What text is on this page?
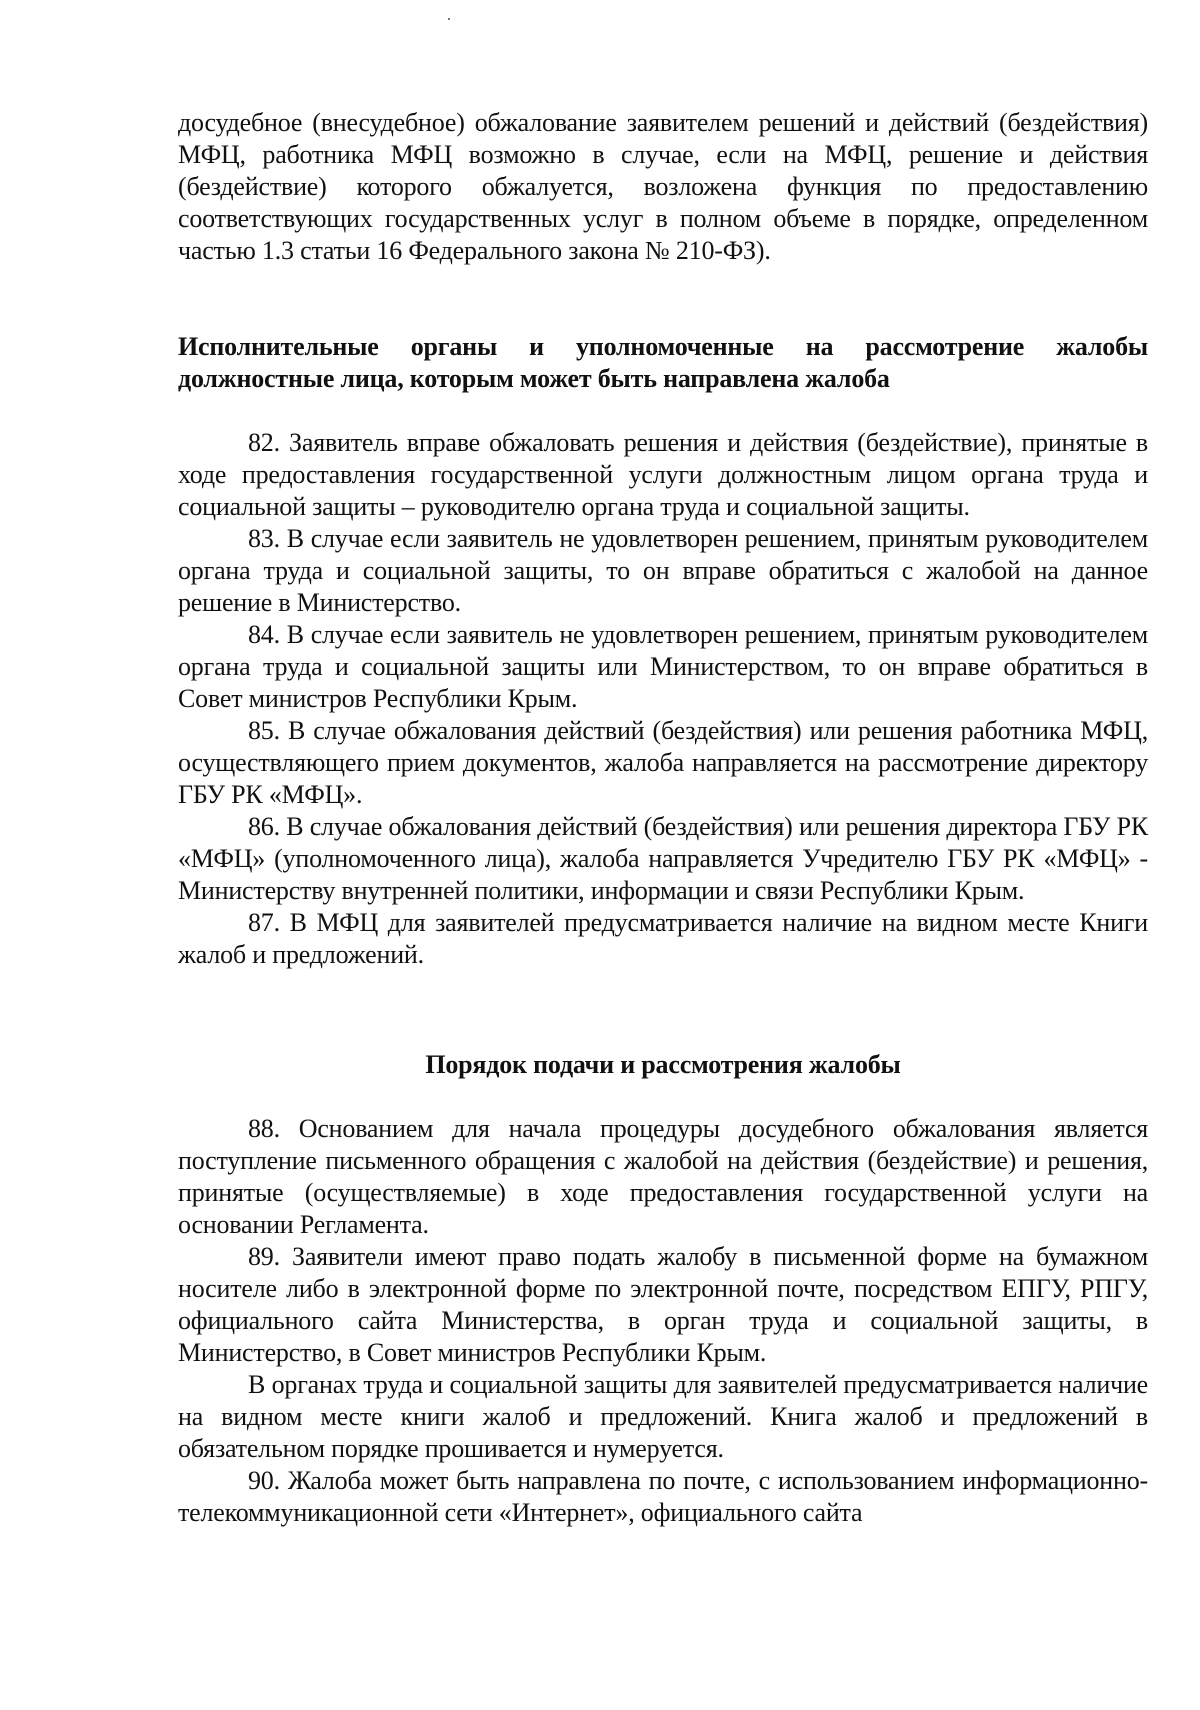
досудебное (внесудебное) обжалование заявителем решений и действий (бездействия) МФЦ, работника МФЦ возможно в случае, если на МФЦ, решение и действия (бездействие) которого обжалуется, возложена функция по предоставлению соответствующих государственных услуг в полном объеме в порядке, определенном частью 1.3 статьи 16 Федерального закона № 210-ФЗ).

Исполнительные органы и уполномоченные на рассмотрение жалобы должностные лица, которым может быть направлена жалоба

82. Заявитель вправе обжаловать решения и действия (бездействие), принятые в ходе предоставления государственной услуги должностным лицом органа труда и социальной защиты – руководителю органа труда и социальной защиты.

83. В случае если заявитель не удовлетворен решением, принятым руководителем органа труда и социальной защиты, то он вправе обратиться с жалобой на данное решение в Министерство.

84. В случае если заявитель не удовлетворен решением, принятым руководителем органа труда и социальной защиты или Министерством, то он вправе обратиться в Совет министров Республики Крым.

85. В случае обжалования действий (бездействия) или решения работника МФЦ, осуществляющего прием документов, жалоба направляется на рассмотрение директору ГБУ РК «МФЦ».

86. В случае обжалования действий (бездействия) или решения директора ГБУ РК «МФЦ» (уполномоченного лица), жалоба направляется Учредителю ГБУ РК «МФЦ» - Министерству внутренней политики, информации и связи Республики Крым.

87. В МФЦ для заявителей предусматривается наличие на видном месте Книги жалоб и предложений.

Порядок подачи и рассмотрения жалобы

88. Основанием для начала процедуры досудебного обжалования является поступление письменного обращения с жалобой на действия (бездействие) и решения, принятые (осуществляемые) в ходе предоставления государственной услуги на основании Регламента.

89. Заявители имеют право подать жалобу в письменной форме на бумажном носителе либо в электронной форме по электронной почте, посредством ЕПГУ, РПГУ, официального сайта Министерства, в орган труда и социальной защиты, в Министерство, в Совет министров Республики Крым.

В органах труда и социальной защиты для заявителей предусматривается наличие на видном месте книги жалоб и предложений. Книга жалоб и предложений в обязательном порядке прошивается и нумеруется.

90. Жалоба может быть направлена по почте, с использованием информационно-телекоммуникационной сети «Интернет», официального сайта
